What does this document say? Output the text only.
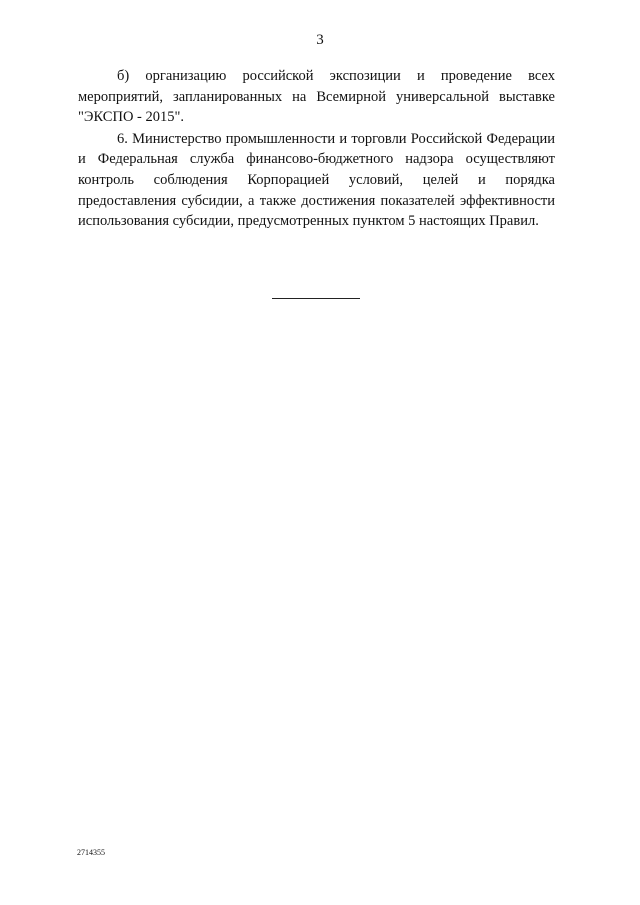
3

б) организацию российской экспозиции и проведение всех мероприятий, запланированных на Всемирной универсальной выставке "ЭКСПО - 2015".

6. Министерство промышленности и торговли Российской Федерации и Федеральная служба финансово-бюджетного надзора осуществляют контроль соблюдения Корпорацией условий, целей и порядка предоставления субсидии, а также достижения показателей эффективности использования субсидии, предусмотренных пунктом 5 настоящих Правил.

2714355
